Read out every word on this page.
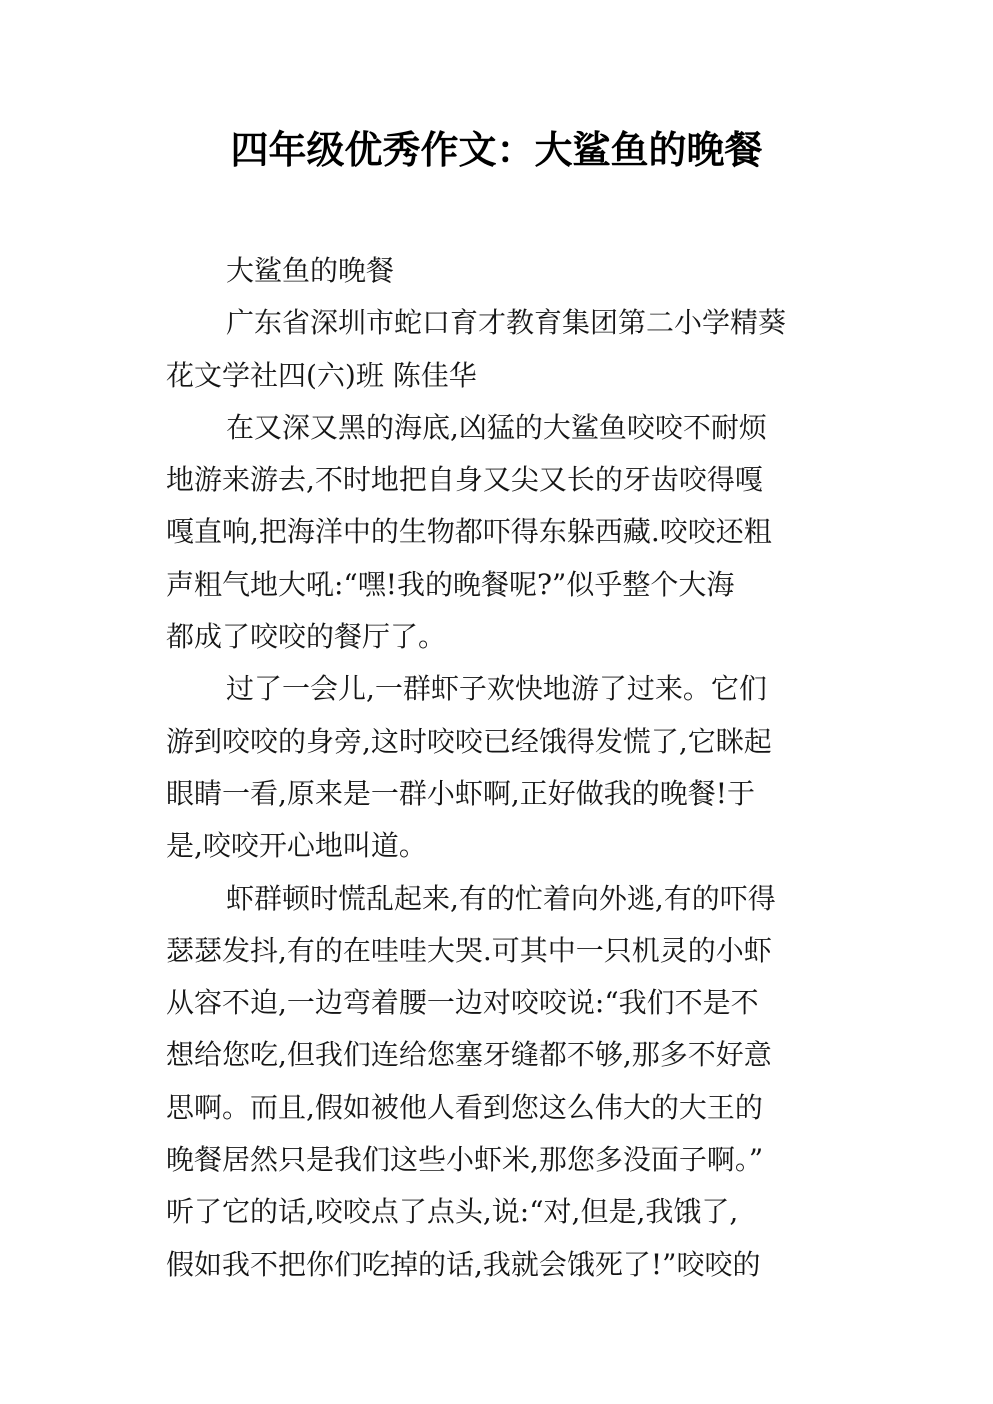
四年级优秀作文：大鲨鱼的晚餐
大鲨鱼的晚餐
广东省深圳市蛇口育才教育集团第二小学精葵
花文学社四(六)班 陈佳华
在又深又黑的海底,凶猛的大鲨鱼咬咬不耐烦
地游来游去,不时地把自身又尖又长的牙齿咬得嘎
嘎直响,把海洋中的生物都吓得东躲西藏.咬咬还粗
声粗气地大吼:“嘿!我的晚餐呢?”似乎整个大海
都成了咬咬的餐厅了。
过了一会儿,一群虾子欢快地游了过来。它们
游到咬咬的身旁,这时咬咬已经饿得发慌了,它眯起
眼睛一看,原来是一群小虾啊,正好做我的晚餐!于
是,咬咬开心地叫道。
虾群顿时慌乱起来,有的忙着向外逃,有的吓得
瑟瑟发抖,有的在哇哇大哭.可其中一只机灵的小虾
从容不迫,一边弯着腰一边对咬咬说:“我们不是不
想给您吃,但我们连给您塞牙缝都不够,那多不好意
思啊。而且,假如被他人看到您这么伟大的大王的
晚餐居然只是我们这些小虾米,那您多没面子啊。”
听了它的话,咬咬点了点头,说:“对,但是,我饿了,
假如我不把你们吃掉的话,我就会饿死了!”咬咬的
